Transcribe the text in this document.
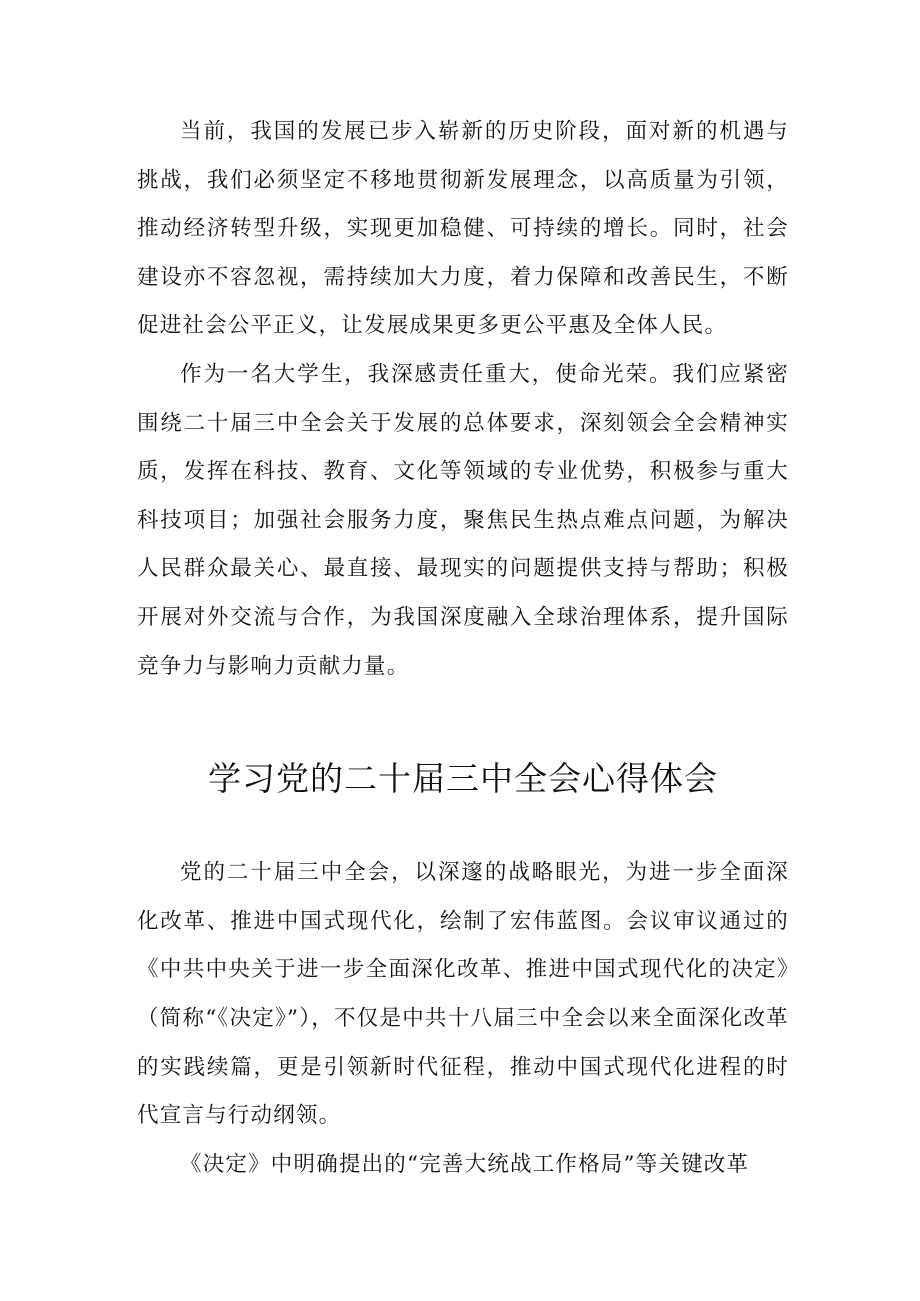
当前，我国的发展已步入崭新的历史阶段，面对新的机遇与挑战，我们必须坚定不移地贯彻新发展理念，以高质量为引领，推动经济转型升级，实现更加稳健、可持续的增长。同时，社会建设亦不容忽视，需持续加大力度，着力保障和改善民生，不断促进社会公平正义，让发展成果更多更公平惠及全体人民。

作为一名大学生，我深感责任重大，使命光荣。我们应紧密围绕二十届三中全会关于发展的总体要求，深刻领会全会精神实质，发挥在科技、教育、文化等领域的专业优势，积极参与重大科技项目；加强社会服务力度，聚焦民生热点难点问题，为解决人民群众最关心、最直接、最现实的问题提供支持与帮助；积极开展对外交流与合作，为我国深度融入全球治理体系，提升国际竞争力与影响力贡献力量。

学习党的二十届三中全会心得体会

党的二十届三中全会，以深邃的战略眼光，为进一步全面深化改革、推进中国式现代化，绘制了宏伟蓝图。会议审议通过的《中共中央关于进一步全面深化改革、推进中国式现代化的决定》（简称“《决定》”），不仅是中共十八届三中全会以来全面深化改革的实践续篇，更是引领新时代征程，推动中国式现代化进程的时代宣言与行动纲领。

《决定》中明确提出的“完善大统战工作格局”等关键改革
